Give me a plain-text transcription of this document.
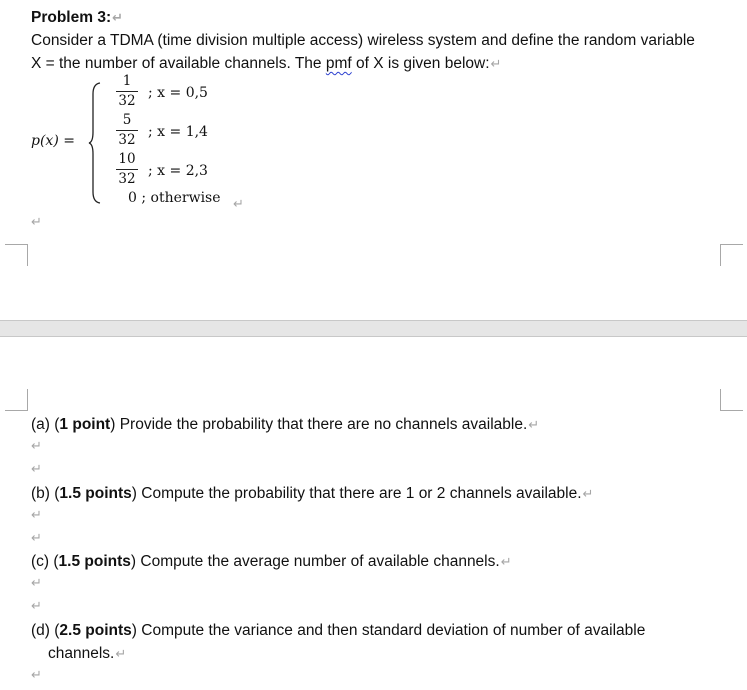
Problem 3:↵
Consider a TDMA (time division multiple access) wireless system and define the random variable
X = the number of available channels. The pmf of X is given below:↵
p(x) =
1
32 ; x = 0,5
5
32 ; x = 1,4
10
32 ; x = 2,3
0 ; otherwise ↵
↵
(a) (1 point) Provide the probability that there are no channels available.↵
↵
↵
(b) (1.5 points) Compute the probability that there are 1 or 2 channels available.↵
↵
↵
(c) (1.5 points) Compute the average number of available channels.↵
↵
↵
(d) (2.5 points) Compute the variance and then standard deviation of number of available
channels.↵
↵
